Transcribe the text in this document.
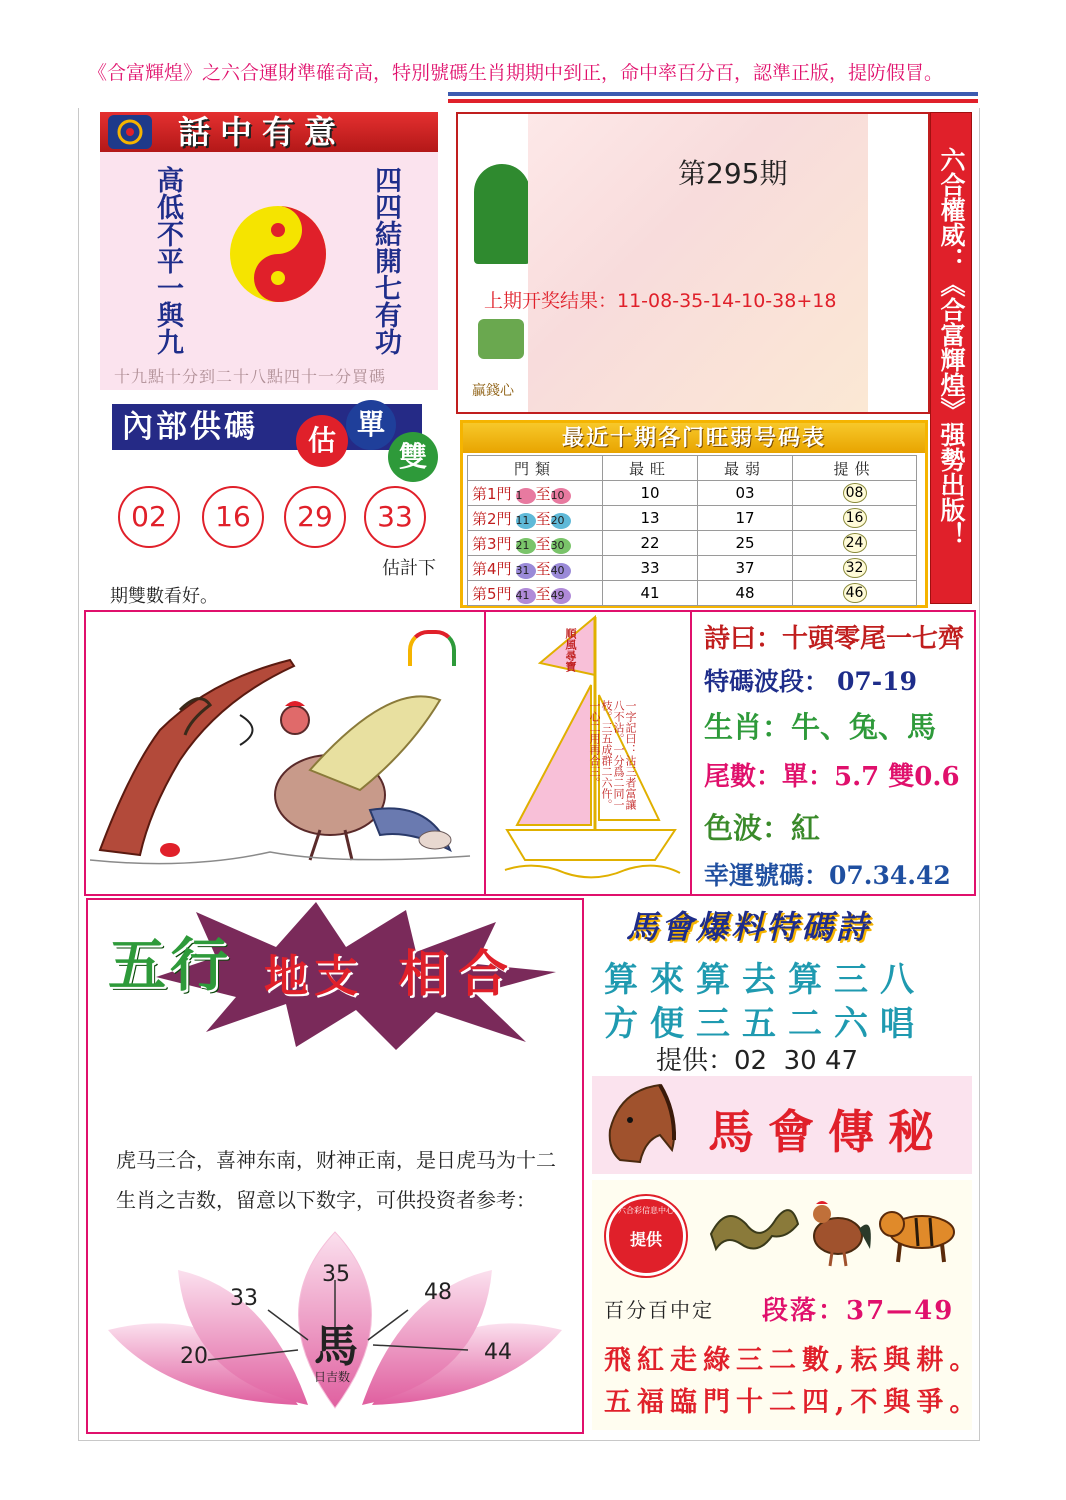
《合富輝煌》之六合運財準確奇高，特別號碼生肖期期中到正，命中率百分百，認準正版，提防假冒。
話中有意
高低不平一與九	四四結開七有功
十九點十分到二十八點四十一分買碼
贏錢心
第295期
上期开奖结果：11-08-35-14-10-38+18	六合權威：《合富輝煌》强勢出版！
內部供碼	估 單
雙
02	16	29	33
估計下
期雙數看好。
最近十期各门旺弱号码表
門類	最旺	最弱	提供
第1門 1 至10	10	03	08
第2門 11 至20	13	17	16
第3門 21 至30	22	25	24
第4門 31 至40	33	37	32
第5門 41 至49	41	48	46
順風尋寶
一字記曰：沾三者富讓八不沾。一分爲二同一枝。三五成群二六仵。一心二用再合三。
詩曰：十頭零尾一七齊
特碼波段： 07-19
生肖：牛、兔、馬
尾數：單：5.7 雙0.6
色波：紅
幸運號碼：07.34.42
五行 地支 相合
虎马三合，喜神东南，财神正南，是日虎马为十二生肖之吉数，留意以下数字，可供投资者参考：
馬
日吉数
20
33
35
48
44
馬會爆料特碼詩
算來算去算三八
方便三五二六唱
提供：02  30 47
馬會傳秘
六合彩信息中心
提供
百分百中定 段落：37—49
飛紅走綠三二數,耘與耕。
五福臨門十二四,不與爭。
